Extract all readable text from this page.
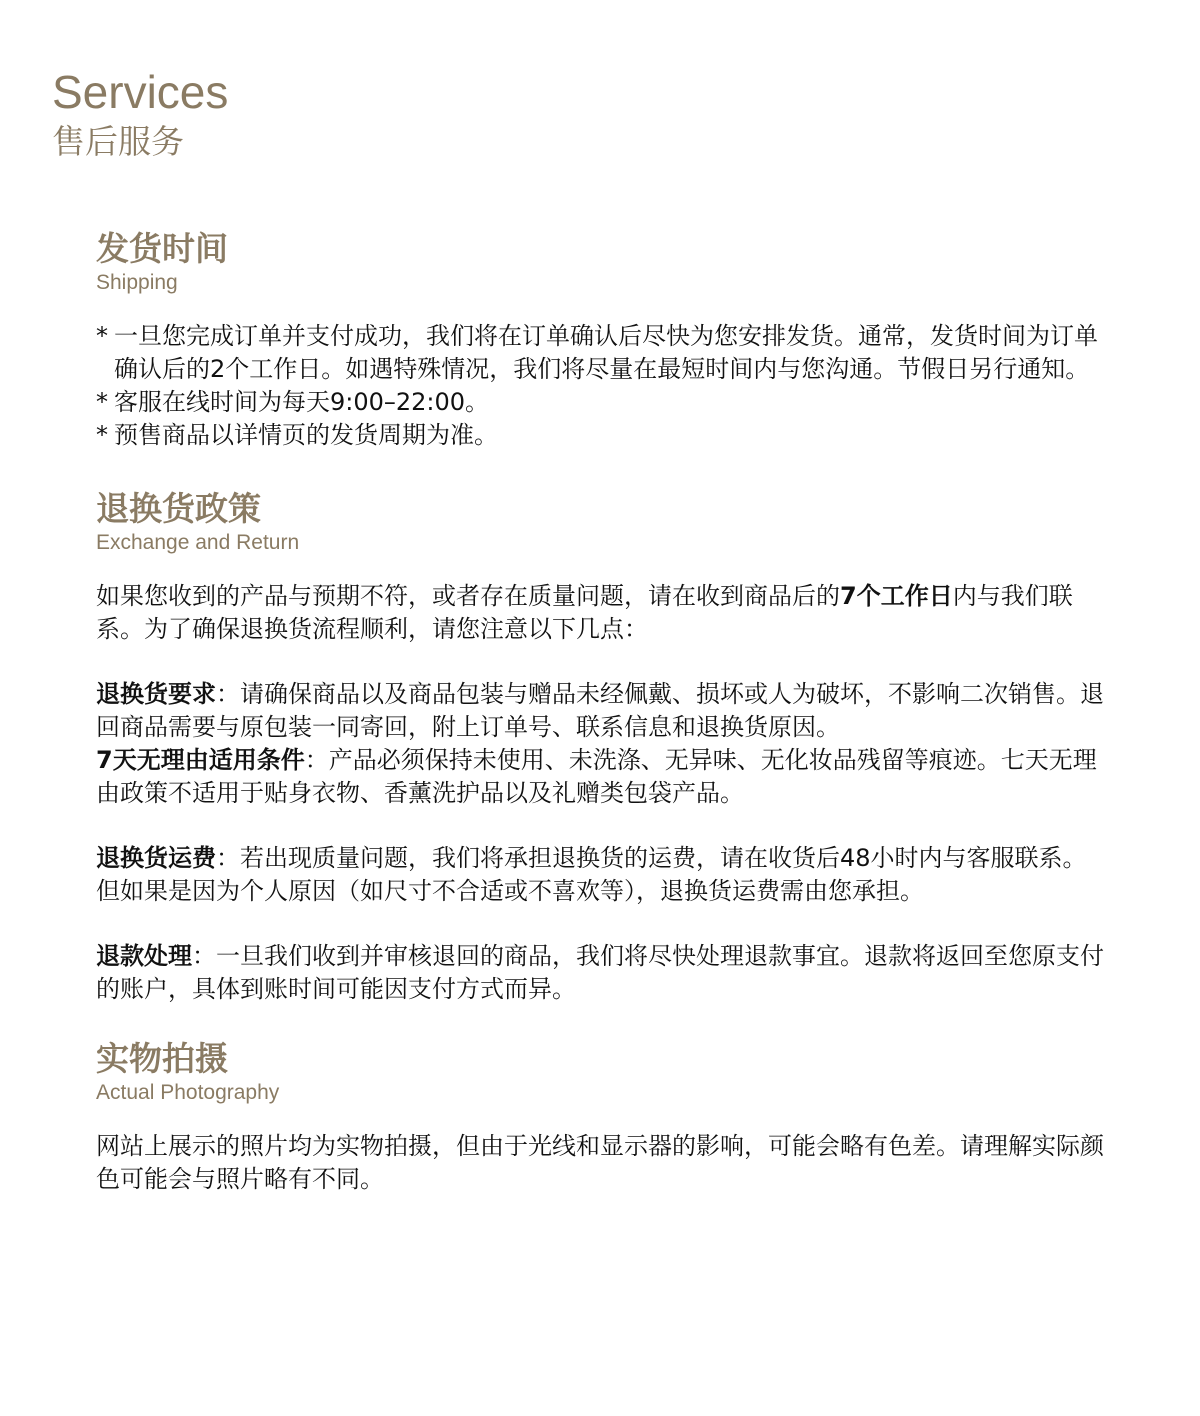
Services
售后服务
发货时间
Shipping
* 一旦您完成订单并支付成功，我们将在订单确认后尽快为您安排发货。通常，发货时间为订单确认后的2个工作日。如遇特殊情况，我们将尽量在最短时间内与您沟通。节假日另行通知。
* 客服在线时间为每天9:00–22:00。
* 预售商品以详情页的发货周期为准。
退换货政策
Exchange and Return

如果您收到的产品与预期不符，或者存在质量问题，请在收到商品后的7个工作日内与我们联系。为了确保退换货流程顺利，请您注意以下几点：

退换货要求：请确保商品以及商品包装与赠品未经佩戴、损坏或人为破坏，不影响二次销售。退回商品需要与原包装一同寄回，附上订单号、联系信息和退换货原因。

7天无理由适用条件：产品必须保持未使用、未洗涤、无异味、无化妆品残留等痕迹。七天无理由政策不适用于贴身衣物、香薰洗护品以及礼赠类包袋产品。

退换货运费：若出现质量问题，我们将承担退换货的运费，请在收货后48小时内与客服联系。但如果是因为个人原因（如尺寸不合适或不喜欢等），退换货运费需由您承担。

退款处理：一旦我们收到并审核退回的商品，我们将尽快处理退款事宜。退款将返回至您原支付的账户，具体到账时间可能因支付方式而异。

实物拍摄
Actual Photography

网站上展示的照片均为实物拍摄，但由于光线和显示器的影响，可能会略有色差。请理解实际颜色可能会与照片略有不同。
